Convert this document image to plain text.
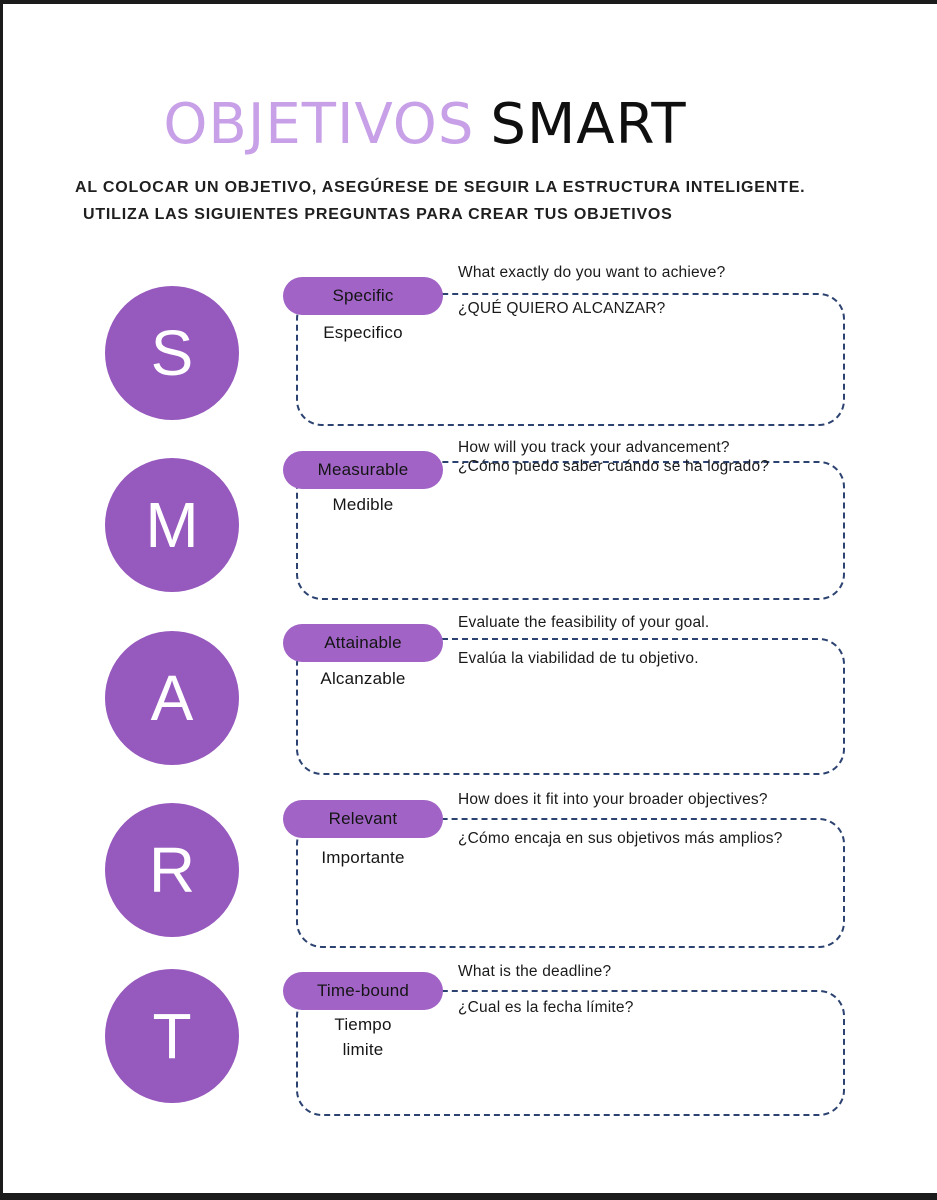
OBJETIVOS SMART
AL COLOCAR UN OBJETIVO, ASEGÚRESE DE SEGUIR LA ESTRUCTURA INTELIGENTE.
UTILIZA LAS SIGUIENTES PREGUNTAS PARA CREAR TUS OBJETIVOS
S
Specific
Especifico
What exactly do you want to achieve?
¿QUÉ QUIERO ALCANZAR?
M
Measurable
Medible
How will you track your advancement?
¿Cómo puedo saber cuándo se ha logrado?
A
Attainable
Alcanzable
Evaluate the feasibility of your goal.
Evalúa la viabilidad de tu objetivo.
R
Relevant
Importante
How does it fit into your broader objectives?
¿Cómo encaja en sus objetivos más amplios?
T
Time-bound
Tiempo limite
What is the deadline?
¿Cual es la fecha límite?
